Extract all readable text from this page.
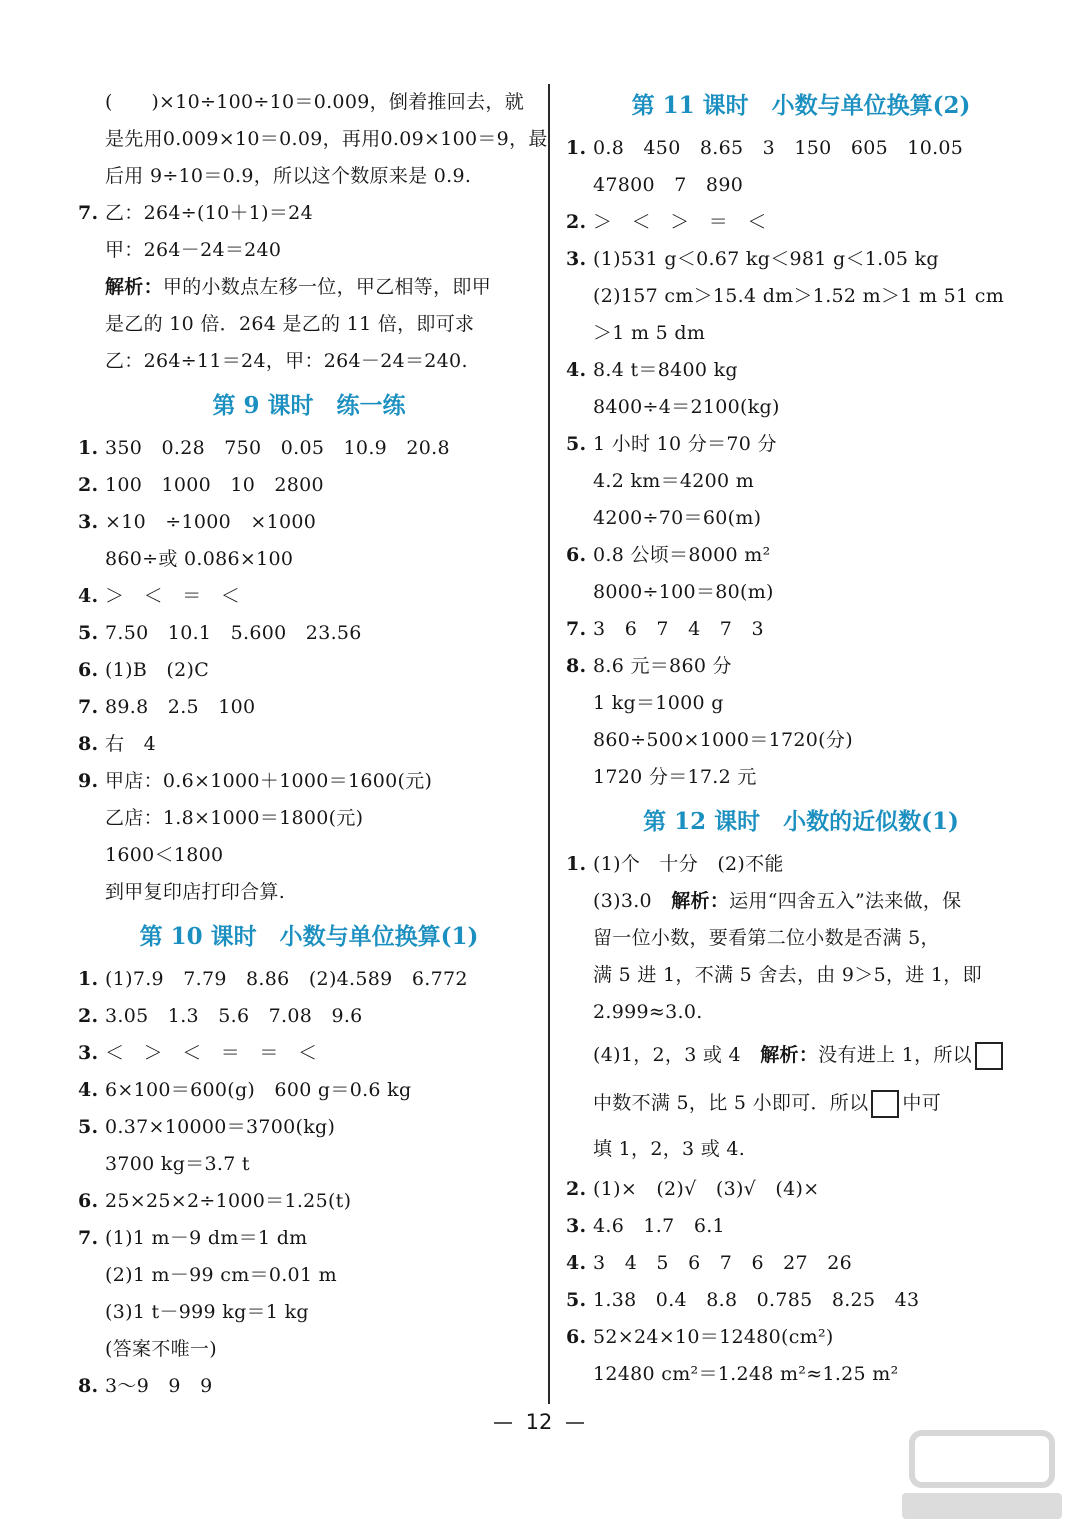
(　　)×10÷100÷10＝0.009，倒着推回去，就
是先用0.009×10＝0.09，再用0.09×100＝9，最
后用 9÷10＝0.9，所以这个数原来是 0.9.
7. 乙：264÷(10＋1)＝24
甲：264－24＝240
解析：甲的小数点左移一位，甲乙相等，即甲
是乙的 10 倍．264 是乙的 11 倍，即可求
乙：264÷11＝24，甲：264－24＝240.
第 9 课时　练一练
1. 350　0.28　750　0.05　10.9　20.8
2. 100　1000　10　2800
3. ×10　÷1000　×1000
860÷或 0.086×100
4. ＞　＜　＝　＜
5. 7.50　10.1　5.600　23.56
6. (1)B　(2)C
7. 89.8　2.5　100
8. 右　4
9. 甲店：0.6×1000＋1000＝1600(元)
乙店：1.8×1000＝1800(元)
1600＜1800
到甲复印店打印合算.
第 10 课时　小数与单位换算(1)
1. (1)7.9　7.79　8.86　(2)4.589　6.772
2. 3.05　1.3　5.6　7.08　9.6
3. ＜　＞　＜　＝　＝　＜
4. 6×100＝600(g)　600 g＝0.6 kg
5. 0.37×10000＝3700(kg)
3700 kg＝3.7 t
6. 25×25×2÷1000＝1.25(t)
7. (1)1 m－9 dm＝1 dm
(2)1 m－99 cm＝0.01 m
(3)1 t－999 kg＝1 kg
(答案不唯一)
8. 3～9　9　9
第 11 课时　小数与单位换算(2)
1. 0.8　450　8.65　3　150　605　10.05
47800　7　890
2. ＞　＜　＞　＝　＜
3. (1)531 g＜0.67 kg＜981 g＜1.05 kg
(2)157 cm＞15.4 dm＞1.52 m＞1 m 51 cm
＞1 m 5 dm
4. 8.4 t＝8400 kg
8400÷4＝2100(kg)
5. 1 小时 10 分＝70 分
4.2 km＝4200 m
4200÷70＝60(m)
6. 0.8 公顷＝8000 m²
8000÷100＝80(m)
7. 3　6　7　4　7　3
8. 8.6 元＝860 分
1 kg＝1000 g
860÷500×1000＝1720(分)
1720 分＝17.2 元
第 12 课时　小数的近似数(1)
1. (1)个　十分　(2)不能
(3)3.0　解析：运用“四舍五入”法来做，保
留一位小数，要看第二位小数是否满 5，
满 5 进 1，不满 5 舍去，由 9＞5，进 1，即
2.999≈3.0.
(4)1，2，3 或 4　解析：没有进上 1，所以
中数不满 5，比 5 小即可．所以 中可
填 1，2，3 或 4.
2. (1)×　(2)√　(3)√　(4)×
3. 4.6　1.7　6.1
4. 3　4　5　6　7　6　27　26
5. 1.38　0.4　8.8　0.785　8.25　43
6. 52×24×10＝12480(cm²)
12480 cm²＝1.248 m²≈1.25 m²
12
